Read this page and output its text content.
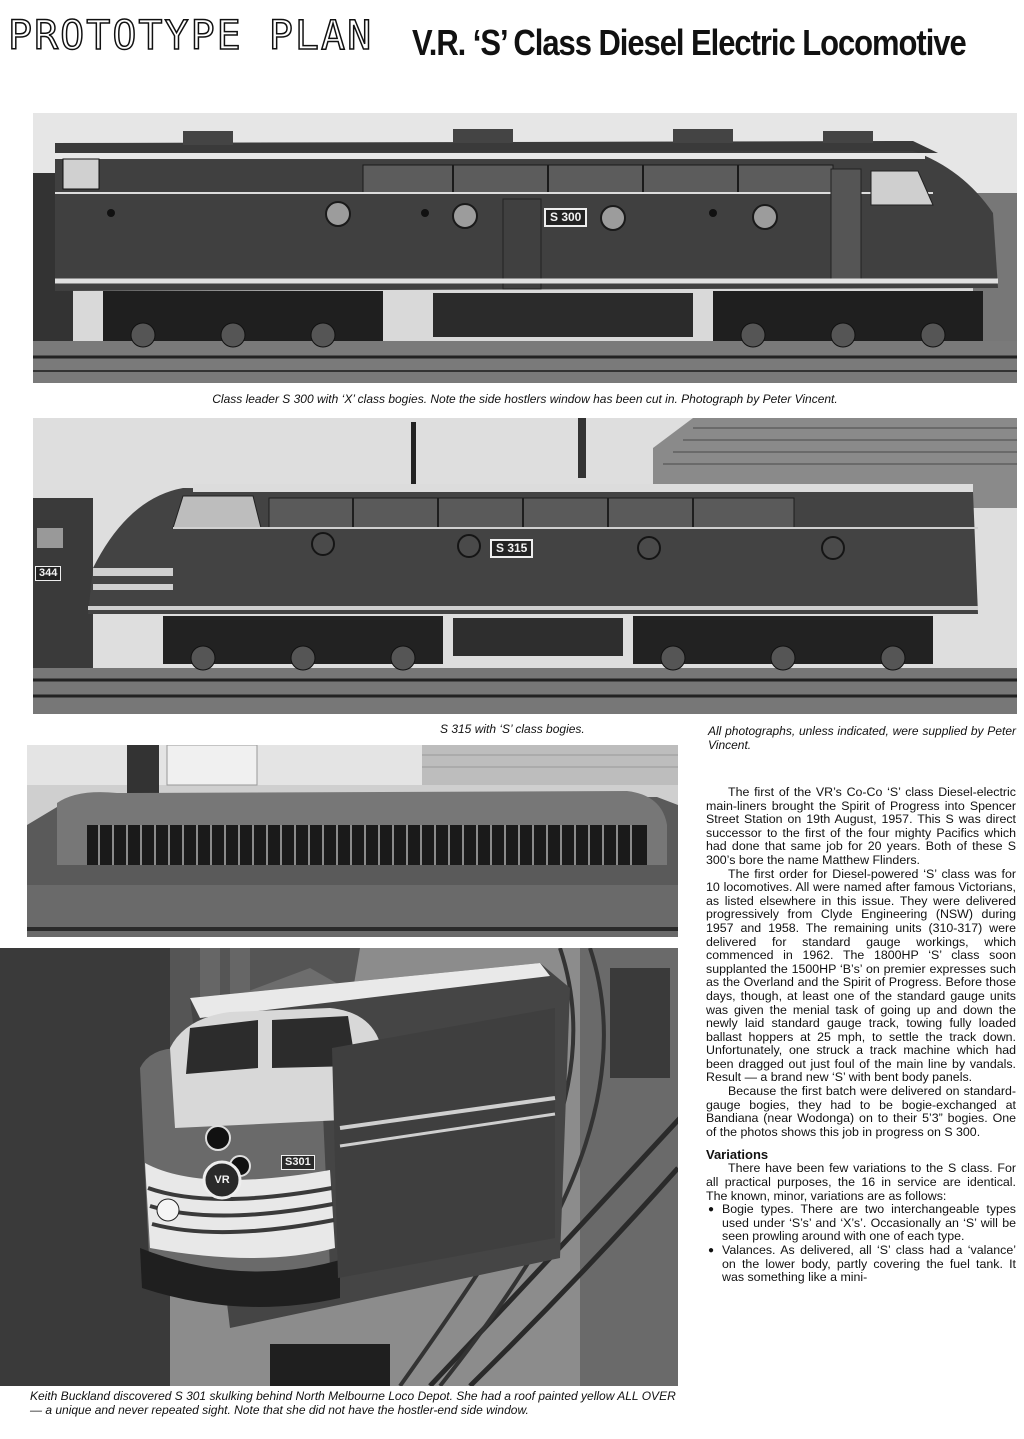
PROTOTYPE PLAN V.R. ‘S’ Class Diesel Electric Locomotive
S 300
Class leader S 300 with ‘X’ class bogies. Note the side hostlers window has been cut in. Photograph by Peter Vincent.
S 315
344
S 315 with ‘S’ class bogies.	All photographs, unless indicated, were supplied by Peter Vincent.
S301
VR
Keith Buckland discovered S 301 skulking behind North Melbourne Loco Depot. She had a roof painted yellow ALL OVER — a unique and never repeated sight. Note that she did not have the hostler-end side window.

The first of the VR’s Co-Co ‘S’ class Diesel-electric main-liners brought the Spirit of Progress into Spencer Street Station on 19th August, 1957. This S was direct successor to the first of the four mighty Pacifics which had done that same job for 20 years. Both of these S 300’s bore the name Matthew Flinders.

The first order for Diesel-powered ‘S’ class was for 10 locomotives. All were named after famous Victorians, as listed elsewhere in this issue. They were delivered progressively from Clyde Engineering (NSW) during 1957 and 1958. The remaining units (310-317) were delivered for standard gauge workings, which commenced in 1962. The 1800HP ‘S’ class soon supplanted the 1500HP ‘B’s’ on premier expresses such as the Overland and the Spirit of Progress. Before those days, though, at least one of the standard gauge units was given the menial task of going up and down the newly laid standard gauge track, towing fully loaded ballast hoppers at 25 mph, to settle the track down. Unfortunately, one struck a track machine which had been dragged out just foul of the main line by vandals. Result — a brand new ‘S’ with bent body panels.

Because the first batch were delivered on standard-gauge bogies, they had to be bogie-exchanged at Bandiana (near Wodonga) on to their 5’3” bogies. One of the photos shows this job in progress on S 300.

Variations

There have been few variations to the S class. For all practical purposes, the 16 in service are identical. The known, minor, variations are as follows:

● Bogie types. There are two interchangeable types used under ‘S’s’ and ‘X’s’. Occasionally an ‘S’ will be seen prowling around with one of each type.
● Valances. As delivered, all ‘S’ class had a ‘valance’ on the lower body, partly covering the fuel tank. It was something like a mini-
